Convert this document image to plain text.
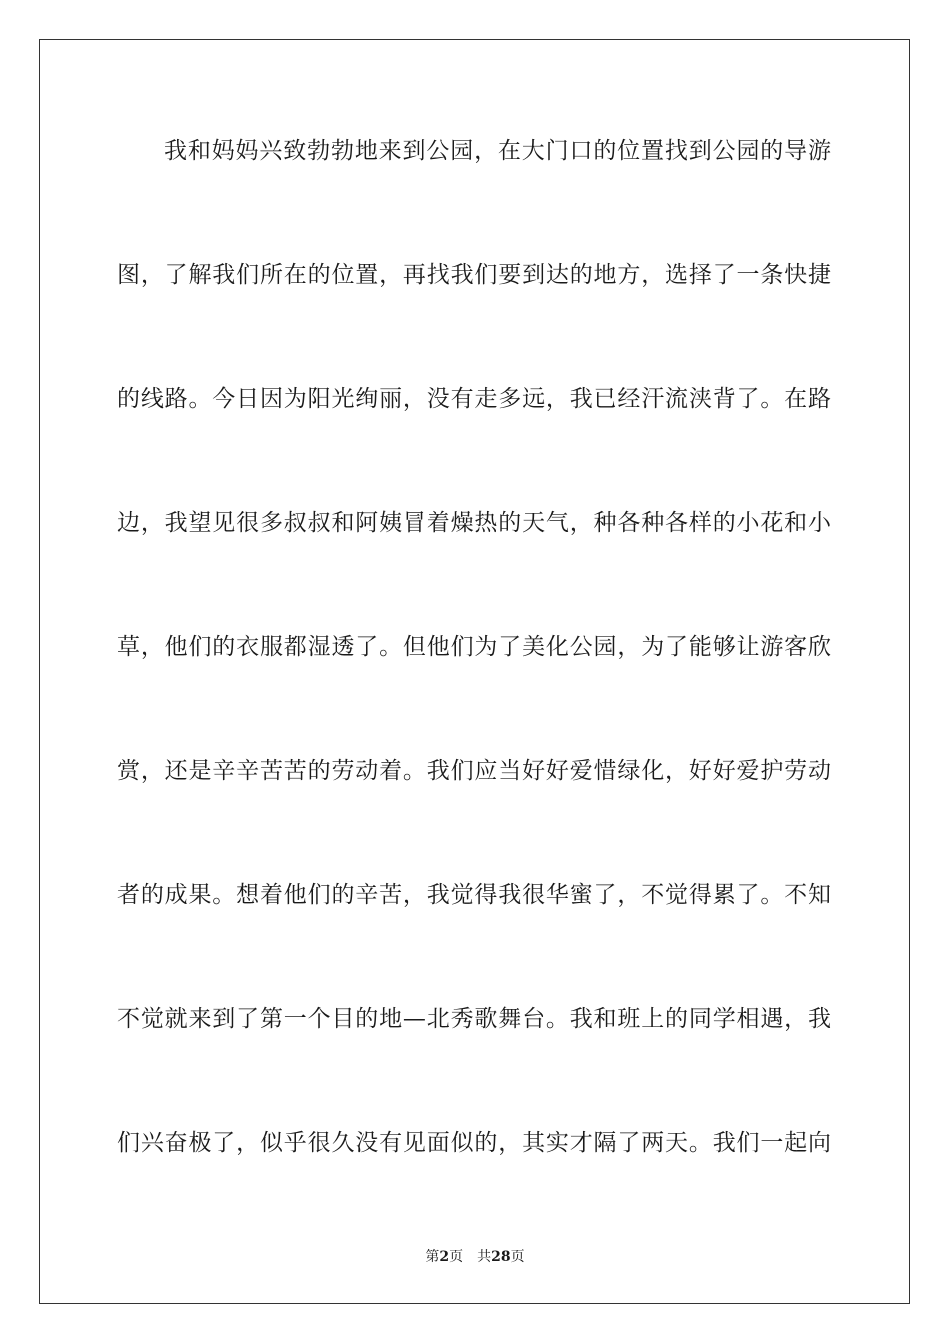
我和妈妈兴致勃勃地来到公园，在大门口的位置找到公园的导游
图，了解我们所在的位置，再找我们要到达的地方，选择了一条快捷
的线路。今日因为阳光绚丽，没有走多远，我已经汗流浃背了。在路
边，我望见很多叔叔和阿姨冒着燥热的天气，种各种各样的小花和小
草，他们的衣服都湿透了。但他们为了美化公园，为了能够让游客欣
赏，还是辛辛苦苦的劳动着。我们应当好好爱惜绿化，好好爱护劳动
者的成果。想着他们的辛苦，我觉得我很华蜜了，不觉得累了。不知
不觉就来到了第一个目的地—北秀歌舞台。我和班上的同学相遇，我
们兴奋极了，似乎很久没有见面似的，其实才隔了两天。我们一起向
第2页 共28页
